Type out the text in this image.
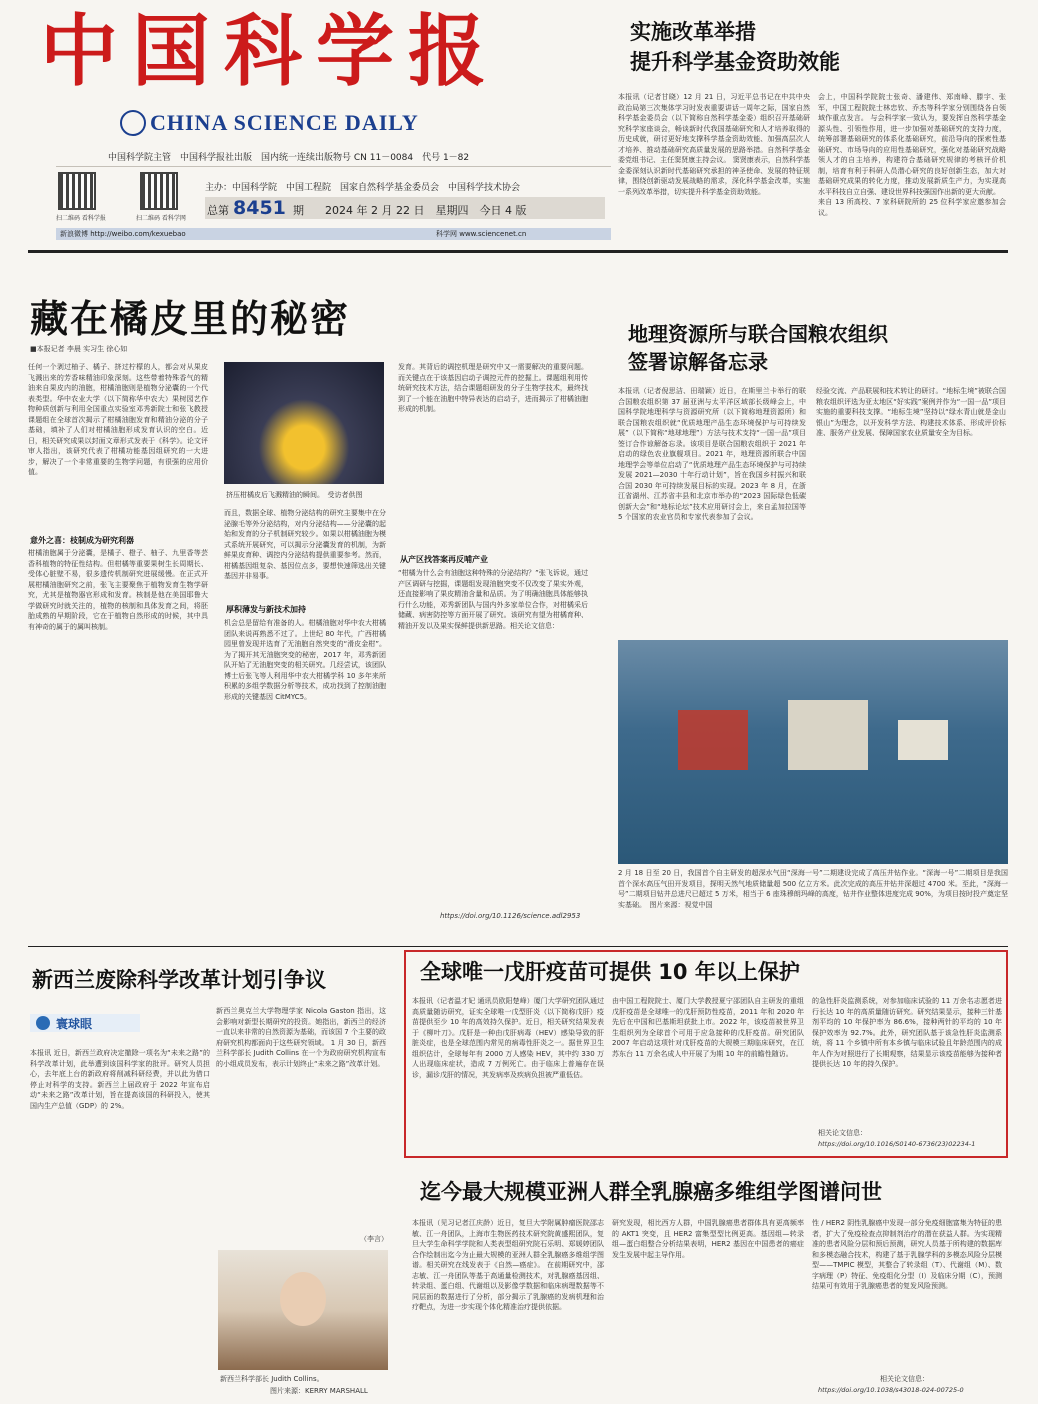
中国科学报
CHINA SCIENCE DAILY
中国科学院主管　中国科学报社出版　国内统一连续出版物号 CN 11－0084　代号 1－82
扫二维码 看科学报	扫二维码 看科学网
主办：中国科学院　中国工程院　国家自然科学基金委员会　中国科学技术协会
总第 8451 期 2024 年 2 月 22 日　星期四　今日 4 版
新浪微博 http://weibo.com/kexuebao	科学网 www.sciencenet.cn
实施改革举措
提升科学基金资助效能
本报讯（记者甘晓）12 月 21 日，习近平总书记在中共中央政治局第三次集体学习时发表重要讲话一周年之际，国家自然科学基金委员会（以下简称自然科学基金委）组织召开基础研究科学家座谈会，畅谈新时代我国基础研究和人才培养取得的历史成就，研讨更好地支撑科学基金资助效能、加强高层次人才培养、推动基础研究高质量发展的思路举措。自然科学基金委党组书记、主任窦贤康主持会议。 窦贤康表示，自然科学基金委深刻认识新时代基础研究承担的神圣使命、发展的特征规律，围绕创新驱动发展战略的需求，深化科学基金改革，实施一系列改革举措，切实提升科学基金资助效能。
会上，中国科学院院士张奇、潘建伟、郑南峰、滕宇、张军，中国工程院院士林忠钦、乔杰等科学家分别围绕各自领域作重点发言。 与会科学家一致认为，要发挥自然科学基金源头性、引领性作用，进一步加强对基础研究的支持力度，统筹部署基础研究的体系化基础研究，前沿导向的探索性基础研究、市场导向的应用性基础研究，强化对基础研究战略领人才的自主培养，构建符合基础研究规律的考核评价机制，培育有利于科研人员潜心研究的良好创新生态，加大对基础研究成果的转化力度，推动发展新质生产力，为实现高水平科技自立自强、建设世界科技强国作出新的更大贡献。
来自 13 所高校、7 家科研院所的 25 位科学家应邀参加会议。
藏在橘皮里的秘密
■本报记者 李晨 实习生 徐心如
任何一个剥过柚子、橘子、挤过柠檬的人，都会对从果皮飞溅出来的芳香味精油印象深刻。这些带着特殊香气的精油来自果皮内的油胞，柑橘油胞则是植物分泌囊的一个代表类型。华中农业大学（以下简称华中农大）果树园艺作物种质创新与利用全国重点实验室邓秀新院士和张飞教授课题组在全球首次揭示了柑橘油胞发育和精油分泌的分子基础，填补了人们对柑橘油胞形成发育认识的空白。近日，相关研究成果以封面文章形式发表于《科学》。论文评审人指出，该研究代表了柑橘功能基因组研究的一大进步，解决了一个非常重要的生物学问题，有很强的应用价值。
意外之喜：枝制成为研究利器
柑橘油胞属于分泌囊，是橘子、橙子、柚子、九里香等芸香科植物的特征性结构。但柑橘等重要果树生长周期长、受体心脏壁不易，很多遗传机制研究进展缓慢。在正式开展柑橘油胞研究之前，张飞主要聚焦于植物发育生物学研究，尤其是植物器官形成和发育。核制是他在美国耶鲁大学做研究时就关注的，植物的核制和具体发育之间，将胚胎成熟的早期阶段，它在于植物自然形成的时候，其中具有神奇的属于的属叫核制。
挤压柑橘皮后飞溅精油的瞬间。　受访者供图
而且，数据全球、植物分泌结构的研究主要集中在分泌腺毛等外分泌结构，对内分泌结构——分泌囊的起始和发育的分子机制研究较少。如果以柑橘油胞为模式系统开展研究，可以揭示分泌囊发育的机制，为新鲜果皮育种、调控内分泌结构提供重要参考。然而，柑橘基因组复杂、基因位点多，要想快速筛选出关键基因并非易事。
厚积薄发与新技术加持
机会总是留给有准备的人。柑橘油胞对华中农大柑橘团队来说再熟悉不过了。上世纪 80 年代，广西柑橘园里曾发现并选育了无油胞自然突变的“滑皮金柑”。为了揭开其无油胞突变的秘密，2017 年，邓秀新团队开始了无油胞突变的相关研究。几经尝试，该团队博士后张飞等人利用华中农大柑橘学科 10 多年来所积累的多组学数据分析等技术，成功找到了控制油胞形成的关键基因 CitMYC5。
发育。其背后的调控机理是研究中又一需要解决的重要问题。而关键点在于该基因启动子调控元件的挖掘上。课题组利用传统研究技术方法，结合课题组研发的分子生物学技术，最终找到了一个能在油胞中特异表达的启动子，进而揭示了柑橘油胞形成的机制。
从产区找答案再反哺产业
“柑橘为什么会有油胞这种特殊的分泌结构？”张飞诉说，通过产区调研与挖掘，课题组发现油胞突变不仅改变了果实外观，还直接影响了果皮精油含量和品质。为了明确油胞具体能够执行什么功能，邓秀新团队与国内外多家单位合作，对柑橘采后储藏、病害防控等方面开展了研究。该研究有望为柑橘育种、精油开发以及果实保鲜提供新思路。相关论文信息：
https://doi.org/10.1126/science.adl2953
地理资源所与联合国粮农组织
签署谅解备忘录
本报讯（记者倪思洁、田瑞颖）近日，在斯里兰卡举行的联合国粮农组织第 37 届亚洲与太平洋区域部长级峰会上，中国科学院地理科学与资源研究所（以下简称地理资源所）和联合国粮农组织就“优质地理产品生态环境保护与可持续发展”（以下简称“地球地理”）方法与技术支持“一国一品”项目签订合作谅解备忘录。该项目是联合国粮农组织于 2021 年启动的绿色农业旗舰项目。2021 年，地理资源所联合中国地理学会等单位启动了“优质地理产品生态环境保护与可持续发展 2021—2030 十年行动计划”，旨在我国乡村振兴和联合国 2030 年可持续发展目标的实现。2023 年 8 月，在浙江省湖州、江苏省丰县和北京市举办的“2023 国际绿色低碳创新大会”和“地标论坛”技术应用研讨会上，来自孟加拉国等 5 个国家的农业官员和专家代表参加了会议。
经验交流、产品联展和技术转让的研讨。“地标生境”被联合国粮农组织评选为亚太地区“好实践”案例并作为“一国一品”项目实施的重要科技支撑。“地标生境”坚持以“绿水青山就是金山银山”为理念，以开发科学方法、构建技术体系、形成评价标准、服务产业发展、保障国家农业质量安全为目标。
2 月 18 日至 20 日，我国首个自主研发的超深水气田“深海一号”二期建设完成了高压井钻作业。“深海一号”二期项目是我国首个深水高压气田开发项目，探明天然气地质储量超 500 亿立方米。此次完成的高压井钻井深超过 4700 米。至此，“深海一号”二期项目钻井总进尺已超过 5 万米，相当于 6 座珠穆朗玛峰的高度，钻井作业整体进度完成 90%，为项目按时投产奠定坚实基础。　图片来源：视觉中国
新西兰废除科学改革计划引争议
寰球眼
本报讯 近日，新西兰政府决定撤除一项名为“未来之路”的科学改革计划，此举遭到该国科学家的批评。研究人员担心，去年底上台的新政府将削减科研经费，并以此为借口停止对科学的支持。新西兰上届政府于 2022 年宣布启动“未来之路”改革计划，旨在提高该国的科研投入，使其国内生产总值（GDP）的 2%。
新西兰奥克兰大学物理学家 Nicola Gaston 指出，这会影响对新型长期研究的投资。她指出，新西兰的经济一直以来非常的自然资源为基础，而该国 7 个主要的政府研究机构都面向于这些研究领域。 1 月 30 日，新西兰科学部长 Judith Collins 在一个为政府研究机构宣布的小组成员发布，表示计划终止“未来之路”改革计划。
（李言）
新西兰科学部长 Judith Collins。
图片来源：KERRY MARSHALL
全球唯一戊肝疫苗可提供 10 年以上保护
本报讯（记者温才妃 通讯员欧阳楚峰）厦门大学研究团队通过高质量随访研究，证实全球唯一戊型肝炎（以下简称戊肝）疫苗提供至少 10 年的高效持久保护。近日，相关研究结果发表于《柳叶刀》。戊肝是一种由戊肝病毒（HEV）感染导致的肝脏炎症，也是全球范围内常见的病毒性肝炎之一。据世界卫生组织估计，全球每年有 2000 万人感染 HEV，其中约 330 万人出现临床症状，造成 7 万例死亡。由于临床上普遍存在误诊，漏诊戊肝的情况，其发病率及疾病负担被严重低估。
由中国工程院院士、厦门大学教授夏宁邵团队自主研发的重组戊肝疫苗是全球唯一的戊肝预防性疫苗，2011 年和 2020 年先后在中国和巴基斯坦获批上市。2022 年，该疫苗被世界卫生组织列为全球首个可用于应急接种的戊肝疫苗。研究团队 2007 年启动这项针对戊肝疫苗的大规模三期临床研究，在江苏东台 11 万余名成人中开展了为期 10 年的前瞻性随访。
的急性肝炎监测系统，对参加临床试验的 11 万余名志愿者进行长达 10 年的高质量随访研究。研究结果显示，接种三针基剂平均的 10 年保护率为 86.6%，接种两针的平均的 10 年保护效率为 92.7%。此外，研究团队基于该急性肝炎监测系统，将 11 个乡镇中所有本乡镇与临床试验且年龄范围内的成年人作为对照进行了长期观察，结果显示该疫苗能够为接种者提供长达 10 年的持久保护。
相关论文信息：
https://doi.org/10.1016/S0140-6736(23)02234-1
迄今最大规模亚洲人群全乳腺癌多维组学图谱问世
本报讯（见习记者江庆龄）近日，复旦大学附属肿瘤医院邵志敏、江一舟团队，上海市生物医药技术研究院黄盛熙团队，复旦大学生命科学学院和人类表型组研究院石乐明、郑媛婷团队合作绘制出迄今为止最大规模的亚洲人群全乳腺癌多维组学图谱。相关研究在线发表于《自然—癌症》。 在前期研究中，邵志敏、江一舟团队等基于高通量检测技术，对乳腺癌基因组、转录组、蛋白组、代谢组以及影像学数据和临床病理数据等不同层面的数据进行了分析，部分揭示了乳腺癌的发病机理和治疗靶点，为进一步实现个体化精准治疗提供依据。
研究发现，相比西方人群，中国乳腺癌患者群体具有更高频率的 AKT1 突变，且 HER2 富集型型比例更高。基因组—转录组—蛋白组整合分析结果表明，HER2 基因在中国患者的癌症发生发展中起主导作用。
性 / HER2 阴性乳腺癌中发现一部分免疫细胞富集为特征的患者，扩大了免疫检查点抑制剂治疗的潜在获益人群。为实现精准的患者风险分层和预后预测，研究人员基于所构建的数据库和多模态融合技术，构建了基于乳腺学科的多模态风险分层模型——TMPIC 模型，其整合了转录组（T）、代谢组（M）、数字病理（P）特征、免疫组化分型（I）及临床分期（C），预测结果可有效用于乳腺癌患者的复发风险预测。
相关论文信息：
https://doi.org/10.1038/s43018-024-00725-0
